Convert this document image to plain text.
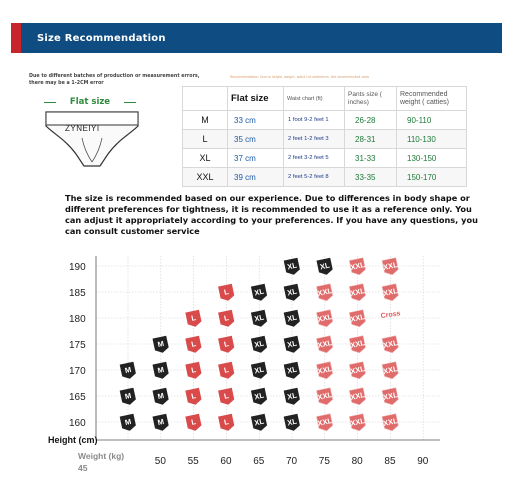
Size Recommendation
Due to different batches of production or measurement errors, there may be a 1-2CM error
Recommendation: Due to height, weight, waist circumference, the recommended sizes
Flat size
ZYNEIYI
	Flat size	Waist chart (ft)	Pants size ( inches)	Recommended weight ( catties)
M	33 cm	1 foot 9-2 feet 1	26-28	90-110
L	35 cm	2 feet 1-2 feet 3	28-31	110-130
XL	37 cm	2 feet 3-2 feet 5	31-33	130-150
XXL	39 cm	2 feet 5-2 feet 8	33-35	150-170
The size is recommended based on our experience. Due to differences in body shape or different preferences for tightness, it is recommended to use it as a reference only. You can adjust it appropriately according to your preferences. If you have any questions, you can consult customer service
160
165
170
175
180
185
190
45
50 55 60 65 70 75 80 85 90
Height (cm)
Weight (kg)
M	M	L	L	XL	XL	XXL XXL XXL
M	M	L	L	XL	XL	XXL XXL XXL
M	M	L	L	XL	XL	XXL XXL XXL
M	L	L	XL	XL	XXL XXL XXL
L	L	XL	XL	XXL XXL
L	XL	XL	XXL XXL XXL
XL	XL	XXL XXL
Cross
